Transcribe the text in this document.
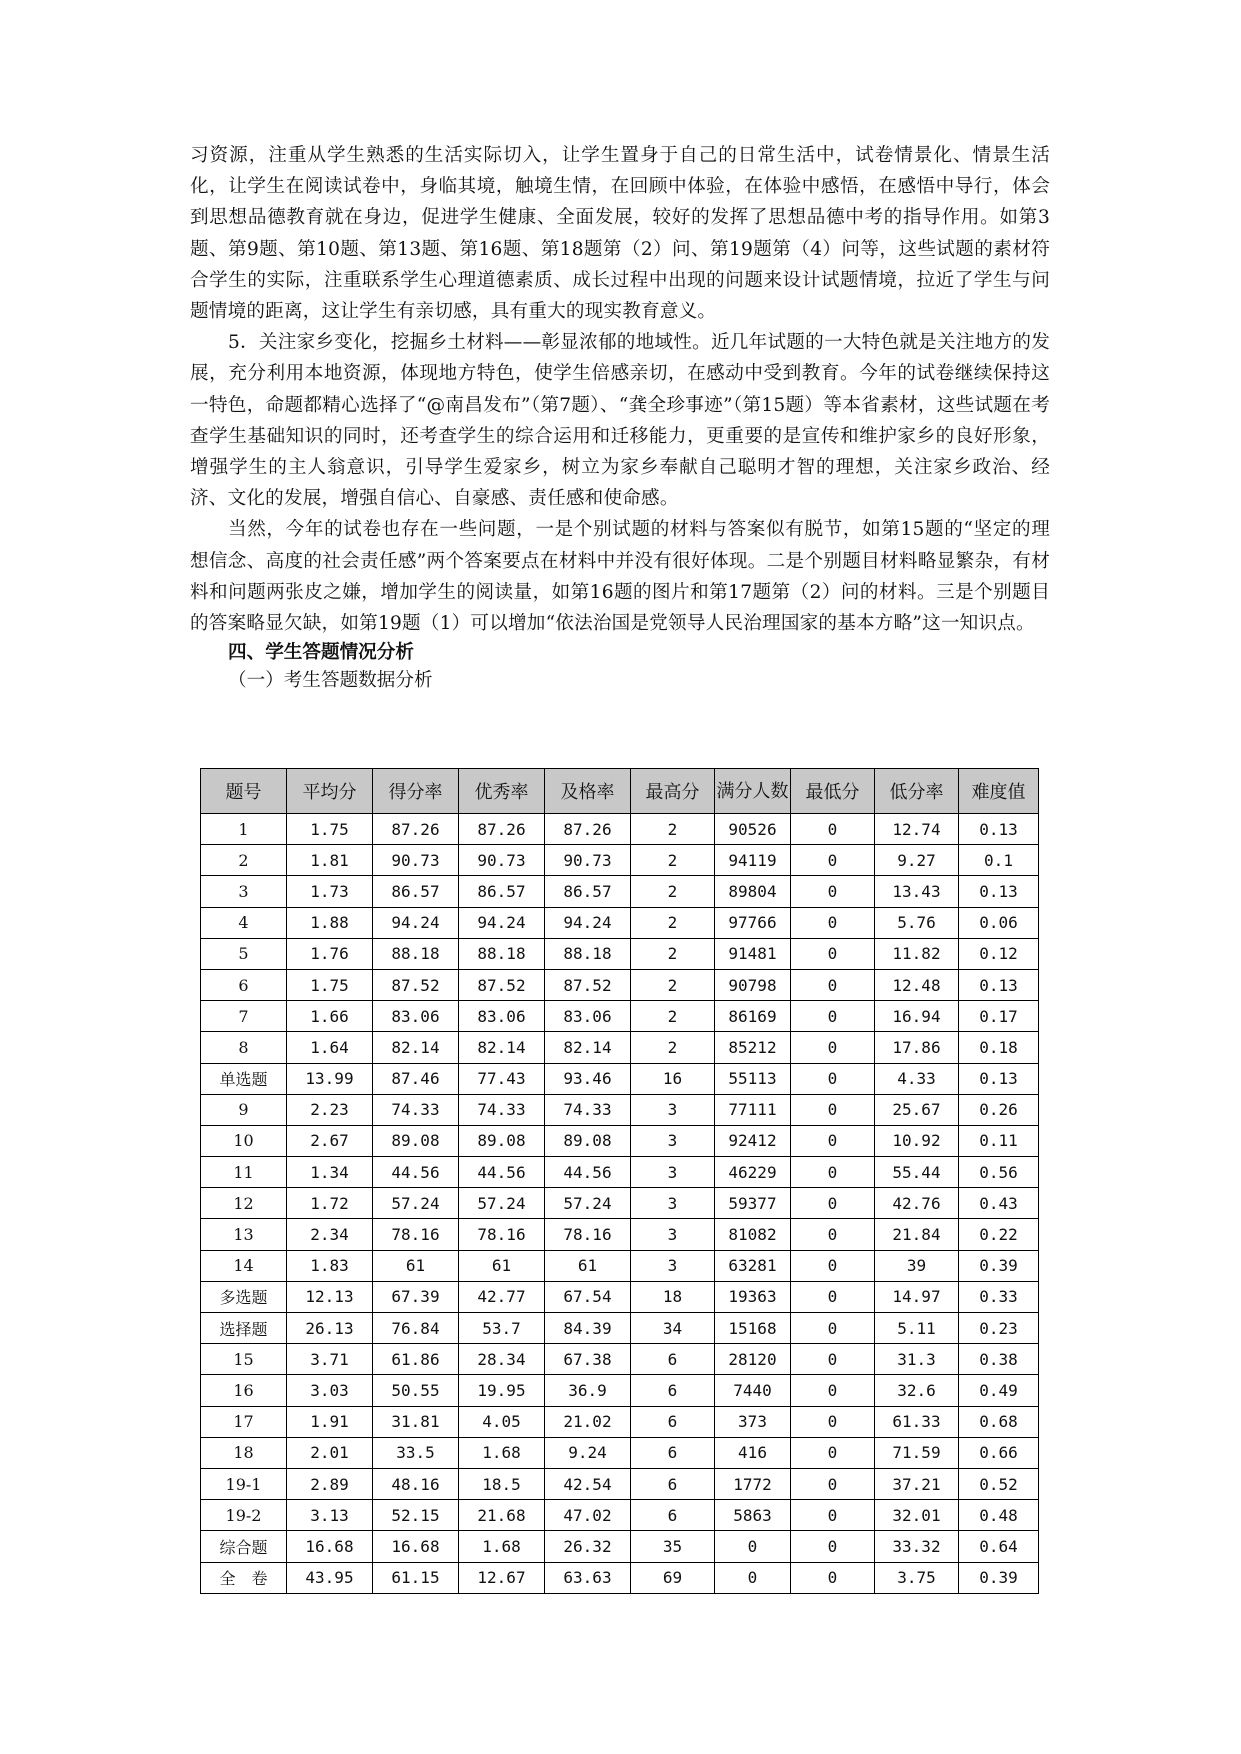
习资源，注重从学生熟悉的生活实际切入，让学生置身于自己的日常生活中，试卷情景化、情景生活化，让学生在阅读试卷中，身临其境，触境生情，在回顾中体验，在体验中感悟，在感悟中导行，体会到思想品德教育就在身边，促进学生健康、全面发展，较好的发挥了思想品德中考的指导作用。如第3题、第9题、第10题、第13题、第16题、第18题第（2）问、第19题第（4）问等，这些试题的素材符合学生的实际，注重联系学生心理道德素质、成长过程中出现的问题来设计试题情境，拉近了学生与问题情境的距离，这让学生有亲切感，具有重大的现实教育意义。

5．关注家乡变化，挖掘乡土材料——彰显浓郁的地域性。近几年试题的一大特色就是关注地方的发展，充分利用本地资源，体现地方特色，使学生倍感亲切，在感动中受到教育。今年的试卷继续保持这一特色，命题都精心选择了“@南昌发布”（第7题）、“龚全珍事迹”（第15题）等本省素材，这些试题在考查学生基础知识的同时，还考查学生的综合运用和迁移能力，更重要的是宣传和维护家乡的良好形象，增强学生的主人翁意识，引导学生爱家乡，树立为家乡奉献自己聪明才智的理想，关注家乡政治、经济、文化的发展，增强自信心、自豪感、责任感和使命感。

当然，今年的试卷也存在一些问题，一是个别试题的材料与答案似有脱节，如第15题的“坚定的理想信念、高度的社会责任感”两个答案要点在材料中并没有很好体现。二是个别题目材料略显繁杂，有材料和问题两张皮之嫌，增加学生的阅读量，如第16题的图片和第17题第（2）问的材料。三是个别题目的答案略显欠缺，如第19题（1）可以增加“依法治国是党领导人民治理国家的基本方略”这一知识点。

四、学生答题情况分析

（一）考生答题数据分析

题号	平均分	得分率	优秀率	及格率	最高分	满分人数	最低分	低分率	难度值
1	1.75	87.26	87.26	87.26	2	90526	0	12.74	0.13
2	1.81	90.73	90.73	90.73	2	94119	0	9.27	0.1
3	1.73	86.57	86.57	86.57	2	89804	0	13.43	0.13
4	1.88	94.24	94.24	94.24	2	97766	0	5.76	0.06
5	1.76	88.18	88.18	88.18	2	91481	0	11.82	0.12
6	1.75	87.52	87.52	87.52	2	90798	0	12.48	0.13
7	1.66	83.06	83.06	83.06	2	86169	0	16.94	0.17
8	1.64	82.14	82.14	82.14	2	85212	0	17.86	0.18
单选题	13.99	87.46	77.43	93.46	16	55113	0	4.33	0.13
9	2.23	74.33	74.33	74.33	3	77111	0	25.67	0.26
10	2.67	89.08	89.08	89.08	3	92412	0	10.92	0.11
11	1.34	44.56	44.56	44.56	3	46229	0	55.44	0.56
12	1.72	57.24	57.24	57.24	3	59377	0	42.76	0.43
13	2.34	78.16	78.16	78.16	3	81082	0	21.84	0.22
14	1.83	61	61	61	3	63281	0	39	0.39
多选题	12.13	67.39	42.77	67.54	18	19363	0	14.97	0.33
选择题	26.13	76.84	53.7	84.39	34	15168	0	5.11	0.23
15	3.71	61.86	28.34	67.38	6	28120	0	31.3	0.38
16	3.03	50.55	19.95	36.9	6	7440	0	32.6	0.49
17	1.91	31.81	4.05	21.02	6	373	0	61.33	0.68
18	2.01	33.5	1.68	9.24	6	416	0	71.59	0.66
19-1	2.89	48.16	18.5	42.54	6	1772	0	37.21	0.52
19-2	3.13	52.15	21.68	47.02	6	5863	0	32.01	0.48
综合题	16.68	16.68	1.68	26.32	35	0	0	33.32	0.64
全　卷	43.95	61.15	12.67	63.63	69	0	0	3.75	0.39
